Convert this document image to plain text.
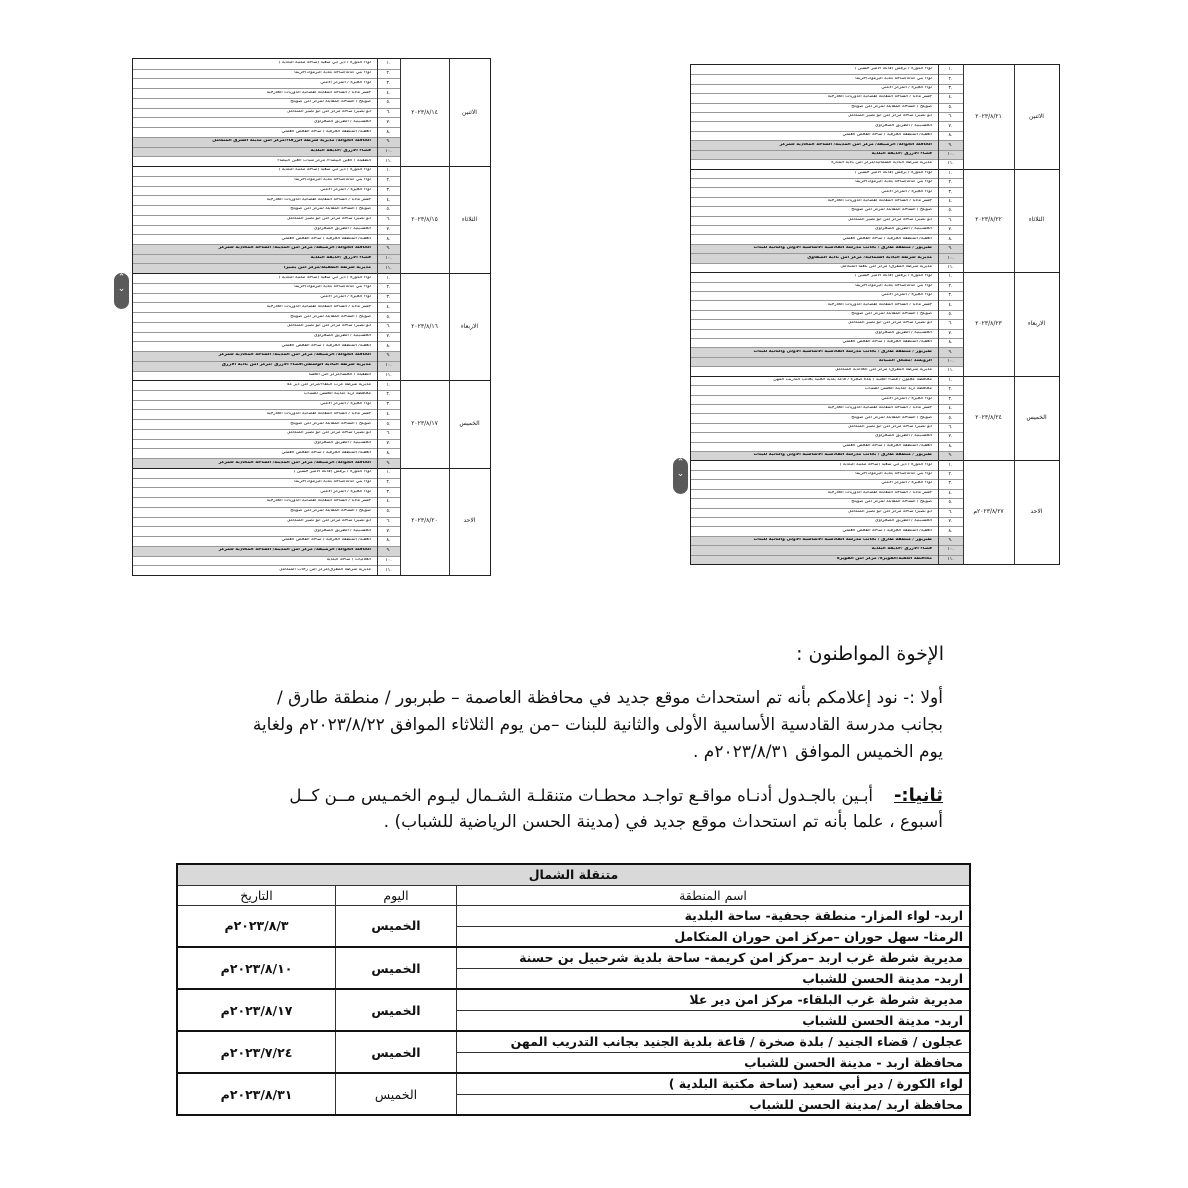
لواء الكورة / دير ابي سعيد (ساحة مكتبة البلدية )	١.
لواء بني كنانة/ساحة بلدية اليرموك/حريما	٢.
لواء الجيزة / المركز الأمني	٣.
جسر مادبا / الساحة المقابلة لقضائية الدوريات الخارجية	٤.
صويلح / الساحة المقابلة لمركز امن صويلح	٥.
أبو نصير/ ساحة مركز امن ابو نصير المتكامل	٦.
الحسـينية / الطريق الصحراوي	٧.
العقبة/ المنطقة الحرفية / ساحة الفحص العملي	٨.
الحافلة الجوالة/ مديرية شرطة الزرقاء/مركز امن مدينة الشرق المتكامل	٩.
قضاء الازرق /حديقة البلدية	١٠.
الطفيلة / العين البيضاء/ مركز شباب العين البيضاء	١١.
٢٠٢٣/٨/١٤	الاثنين
لواء الكورة / دير ابي سعيد (ساحة مكتبة البلدية )	١.
لواء بني كنانة/ساحة بلدية اليرموك/حريما	٢.
لواء الجيزة / المركز الأمني	٣.
جسر مادبا / الساحة المقابلة لقضائية الدوريات الخارجية	٤.
صويلح / الساحة المقابلة لمركز امن صويلح	٥.
أبو نصير/ ساحة مركز امن ابو نصير المتكامل	٦.
الحسـينية / الطريق الصحراوي	٧.
العقبة/ المنطقة الحرفية / ساحة الفحص العملي	٨.
الحافلة الجوالة/ الرصيفة/ مركز امن المدينة/ الساحة المحاذية للمركز	٩.
قضاء الازرق /حديقة البلدية	١٠.
مديرية شرطة الطفيلة/مركز امن بصيرا	١١.
٢٠٢٣/٨/١٥	الثلاثاء
لواء الكورة / دير ابي سعيد (ساحة مكتبة البلدية )	١.
لواء بني كنانة/ساحة بلدية اليرموك/حريما	٢.
لواء الجيزة / المركز الأمني	٣.
جسر مادبا / الساحة المقابلة لقضائية الدوريات الخارجية	٤.
صويلح / الساحة المقابلة لمركز امن صويلح	٥.
أبو نصير/ ساحة مركز امن ابو نصير المتكامل	٦.
الحسـينية / الطريق الصحراوي	٧.
العقبة/ المنطقة الحرفية / ساحة الفحص العملي	٨.
الحافلة الجوالة/ الرصيفة/ مركز امن المدينة/ الساحة المحاذية للمركز	٩.
مديرية شرطة البادية الوسطى/قضاء الازرق /مركز امن بادية الازرق	١٠.
الطفيلة / الحسا/مركز امن الحسا	١١.
٢٠٢٣/٨/١٦	الاربعاء
مديرية شرطة غرب البلقاء/مركز امن دير علا	١.
محافظة اربد /مدينة الحسن للشباب	٢.
لواء الجيزة / المركز الأمني	٣.
جسر مادبا / الساحة المقابلة لقضائية الدوريات الخارجية	٤.
صويلح / الساحة المقابلة لمركز امن صويلح	٥.
أبو نصير/ ساحة مركز امن ابو نصير المتكامل	٦.
الحسـينية / الطريق الصحراوي	٧.
العقبة/ المنطقة الحرفية / ساحة الفحص العملي	٨.
الحافلة الجوالة/ الرصيفة/ مركز امن المدينة/ الساحة المحاذية للمركز	٩.
٢٠٢٣/٨/١٧	الخميس
لواء الكورة / برقش (قاعة الامير حسين )	١.
لواء بني كنانة/ساحة بلدية اليرموك/حريما	٢.
لواء الجيزة / المركز الأمني	٣.
جسر مادبا / الساحة المقابلة لقضائية الدوريات الخارجية	٤.
صويلح / الساحة المقابلة لمركز امن صويلح	٥.
أبو نصير/ ساحة مركز امن ابو نصير المتكامل	٦.
الحسـينية / الطريق الصحراوي	٧.
العقبة/ المنطقة الحرفية / ساحة الفحص العملي	٨.
الحافلة الجوالة/ الرصيفة/ مركز امن المدينة/ الساحة المحاذية للمركز	٩.
العلاليات / ساحة البلدية	١٠.
مديرية شرطة المفرق/مركز امن رحاب المتكامل	١١.
٢٠٢٣/٨/٢٠	الاحد
لواء الكورة / برقش (قاعة الامير حسين )	١.
لواء بني كنانة/ساحة بلدية اليرموك/حريما	٢.
لواء الجيزة / المركز الأمني	٣.
جسر مادبا / الساحة المقابلة لقضائية الدوريات الخارجية	٤.
صويلح / الساحة المقابلة لمركز امن صويلح	٥.
أبو نصير/ ساحة مركز امن ابو نصير المتكامل	٦.
الحسـينية / الطريق الصحراوي	٧.
العقبة/ المنطقة الحرفية / ساحة الفحص العملي	٨.
الحافلة الجوالة/ الرصيفة/ مركز امن المدينة/ الساحة المحاذية للمركز	٩.
قضاء الازرق /حديقة البلدية	١٠.
مديرية شرطة البادية الشمالية/مركز امن بادية المنارة	١١.
٢٠٢٣/٨/٢١	الاثنين
لواء الكورة / برقش (قاعة الامير حسين )	١.
لواء بني كنانة/ساحة بلدية اليرموك/حريما	٢.
لواء الجيزة / المركز الأمني	٣.
جسر مادبا / الساحة المقابلة لقضائية الدوريات الخارجية	٤.
صويلح / الساحة المقابلة لمركز امن صويلح	٥.
أبو نصير/ ساحة مركز امن ابو نصير المتكامل	٦.
الحسـينية / الطريق الصحراوي	٧.
العقبة/ المنطقة الحرفية / ساحة الفحص العملي	٨.
طبربور / منطقة طارق / بجانب مدرسة القادسية الاساسية الاولى والثانية للبنات	٩.
مديرية شرطة البادية الشمالية/ مركز امن بادية الصفاوي	١٠.
مديرية شرطة المفرق/ مركز امن بلعما المتكامل	١١.
٢٠٢٣/٨/٢٢	الثلاثاء
لواء الكورة / برقش (قاعة الامير حسين )	١.
لواء بني كنانة/ساحة بلدية اليرموك/حريما	٢.
لواء الجيزة / المركز الأمني	٣.
جسر مادبا / الساحة المقابلة لقضائية الدوريات الخارجية	٤.
صويلح / الساحة المقابلة لمركز امن صويلح	٥.
أبو نصير/ ساحة مركز امن ابو نصير المتكامل	٦.
الحسـينية / الطريق الصحراوي	٧.
العقبة/ المنطقة الحرفية / ساحة الفحص العملي	٨.
طبربور / منطقة طارق / بجانب مدرسة القادسية الاساسية الاولى والثانية للبنات	٩.
الرويشد /مشغل الصيانة	١٠.
مديرية شرطة المفرق/ مركز امن الخالدية المتكامل	١١.
٢٠٢٣/٨/٢٣	الاربعاء
محافظة عجلون / قضاء الجنيد / بلدة صخرة / قاعة بلدية الجنيد بجانب التدريب المهن	١.
محافظة اربد /مدينة الحسن للشباب	٢.
لواء الجيزة / المركز الأمني	٣.
جسر مادبا / الساحة المقابلة لقضائية الدوريات الخارجية	٤.
صويلح / الساحة المقابلة لمركز امن صويلح	٥.
أبو نصير/ ساحة مركز امن ابو نصير المتكامل	٦.
الحسـينية / الطريق الصحراوي	٧.
العقبة/ المنطقة الحرفية / ساحة الفحص العملي	٨.
طبربور / منطقة طارق / بجانب مدرسة القادسية الاساسية الاولى والثانية للبنات	٩.
٢٠٢٣/٨/٢٤	الخميس
لواء الكورة / دير ابي سعيد (ساحة مكتبة البلدية )	١.
لواء بني كنانة/ساحة بلدية اليرموك/حريما	٢.
لواء الجيزة / المركز الأمني	٣.
جسر مادبا / الساحة المقابلة لقضائية الدوريات الخارجية	٤.
صويلح / الساحة المقابلة لمركز امن صويلح	٥.
أبو نصير/ ساحة مركز امن ابو نصير المتكامل	٦.
الحسـينية / الطريق الصحراوي	٧.
العقبة/ المنطقة الحرفية / ساحة الفحص العملي	٨.
طبربور / منطقة طارق / بجانب مدرسة القادسية الاساسية الاولى والثانية للبنات	٩.
قضاء الازرق /حديقة البلدية	١٠.
محافظة العقبة/القويرة/ مركز امن القويرة	١١.
٢٠٢٣/٨/٢٧م	الاحد
⌃
⌄
⌃
⌄
الإخوة المواطنون :
أولا :- نود إعلامكم بأنه تم استحداث موقع جديد في محافظة العاصمة – طبربور / منطقة طارق /
بجانب مدرسة القادسية الأساسية الأولى والثانية للبنات –من يوم الثلاثاء الموافق ٢٠٢٣/٨/٢٢م ولغاية
يوم الخميس الموافق ٢٠٢٣/٨/٣١م .
ثانيا:-
أبـين بالجـدول أدنـاه مواقـع تواجـد محطـات متنقلـة الشـمال ليـوم الخمـيس مــن كــل
أسبوع ، علما بأنه تم استحداث موقع جديد في (مدينة الحسن الرياضية للشباب) .
متنقلة الشمال		
اسم المنطقة	اليوم	التاريخ
اربد- لواء المزار- منطقة جحفية- ساحة البلدية	الخميس	٢٠٢٣/٨/٣م
الرمثا- سهل حوران –مركز امن حوران المتكامل		
مديرية شرطة غرب اربد –مركز امن كريمة- ساحة بلدية شرحبيل بن حسنة	الخميس	٢٠٢٣/٨/١٠م
اربد- مدينة الحسن للشباب		
مديرية شرطة غرب البلقاء- مركز امن دير علا	الخميس	٢٠٢٣/٨/١٧م
اربد- مدينة الحسن للشباب		
عجلون / قضاء الجنيد / بلدة صخرة / قاعة بلدية الجنيد بجانب التدريب المهن	الخميس	٢٠٢٣/٧/٢٤م
محافظة اربد - مدينة الحسن للشباب		
لواء الكورة / دير أبي سعيد (ساحة مكتبة البلدية )	الخميس	٢٠٢٣/٨/٣١م
محافظة اربد /مدينة الحسن للشباب		
